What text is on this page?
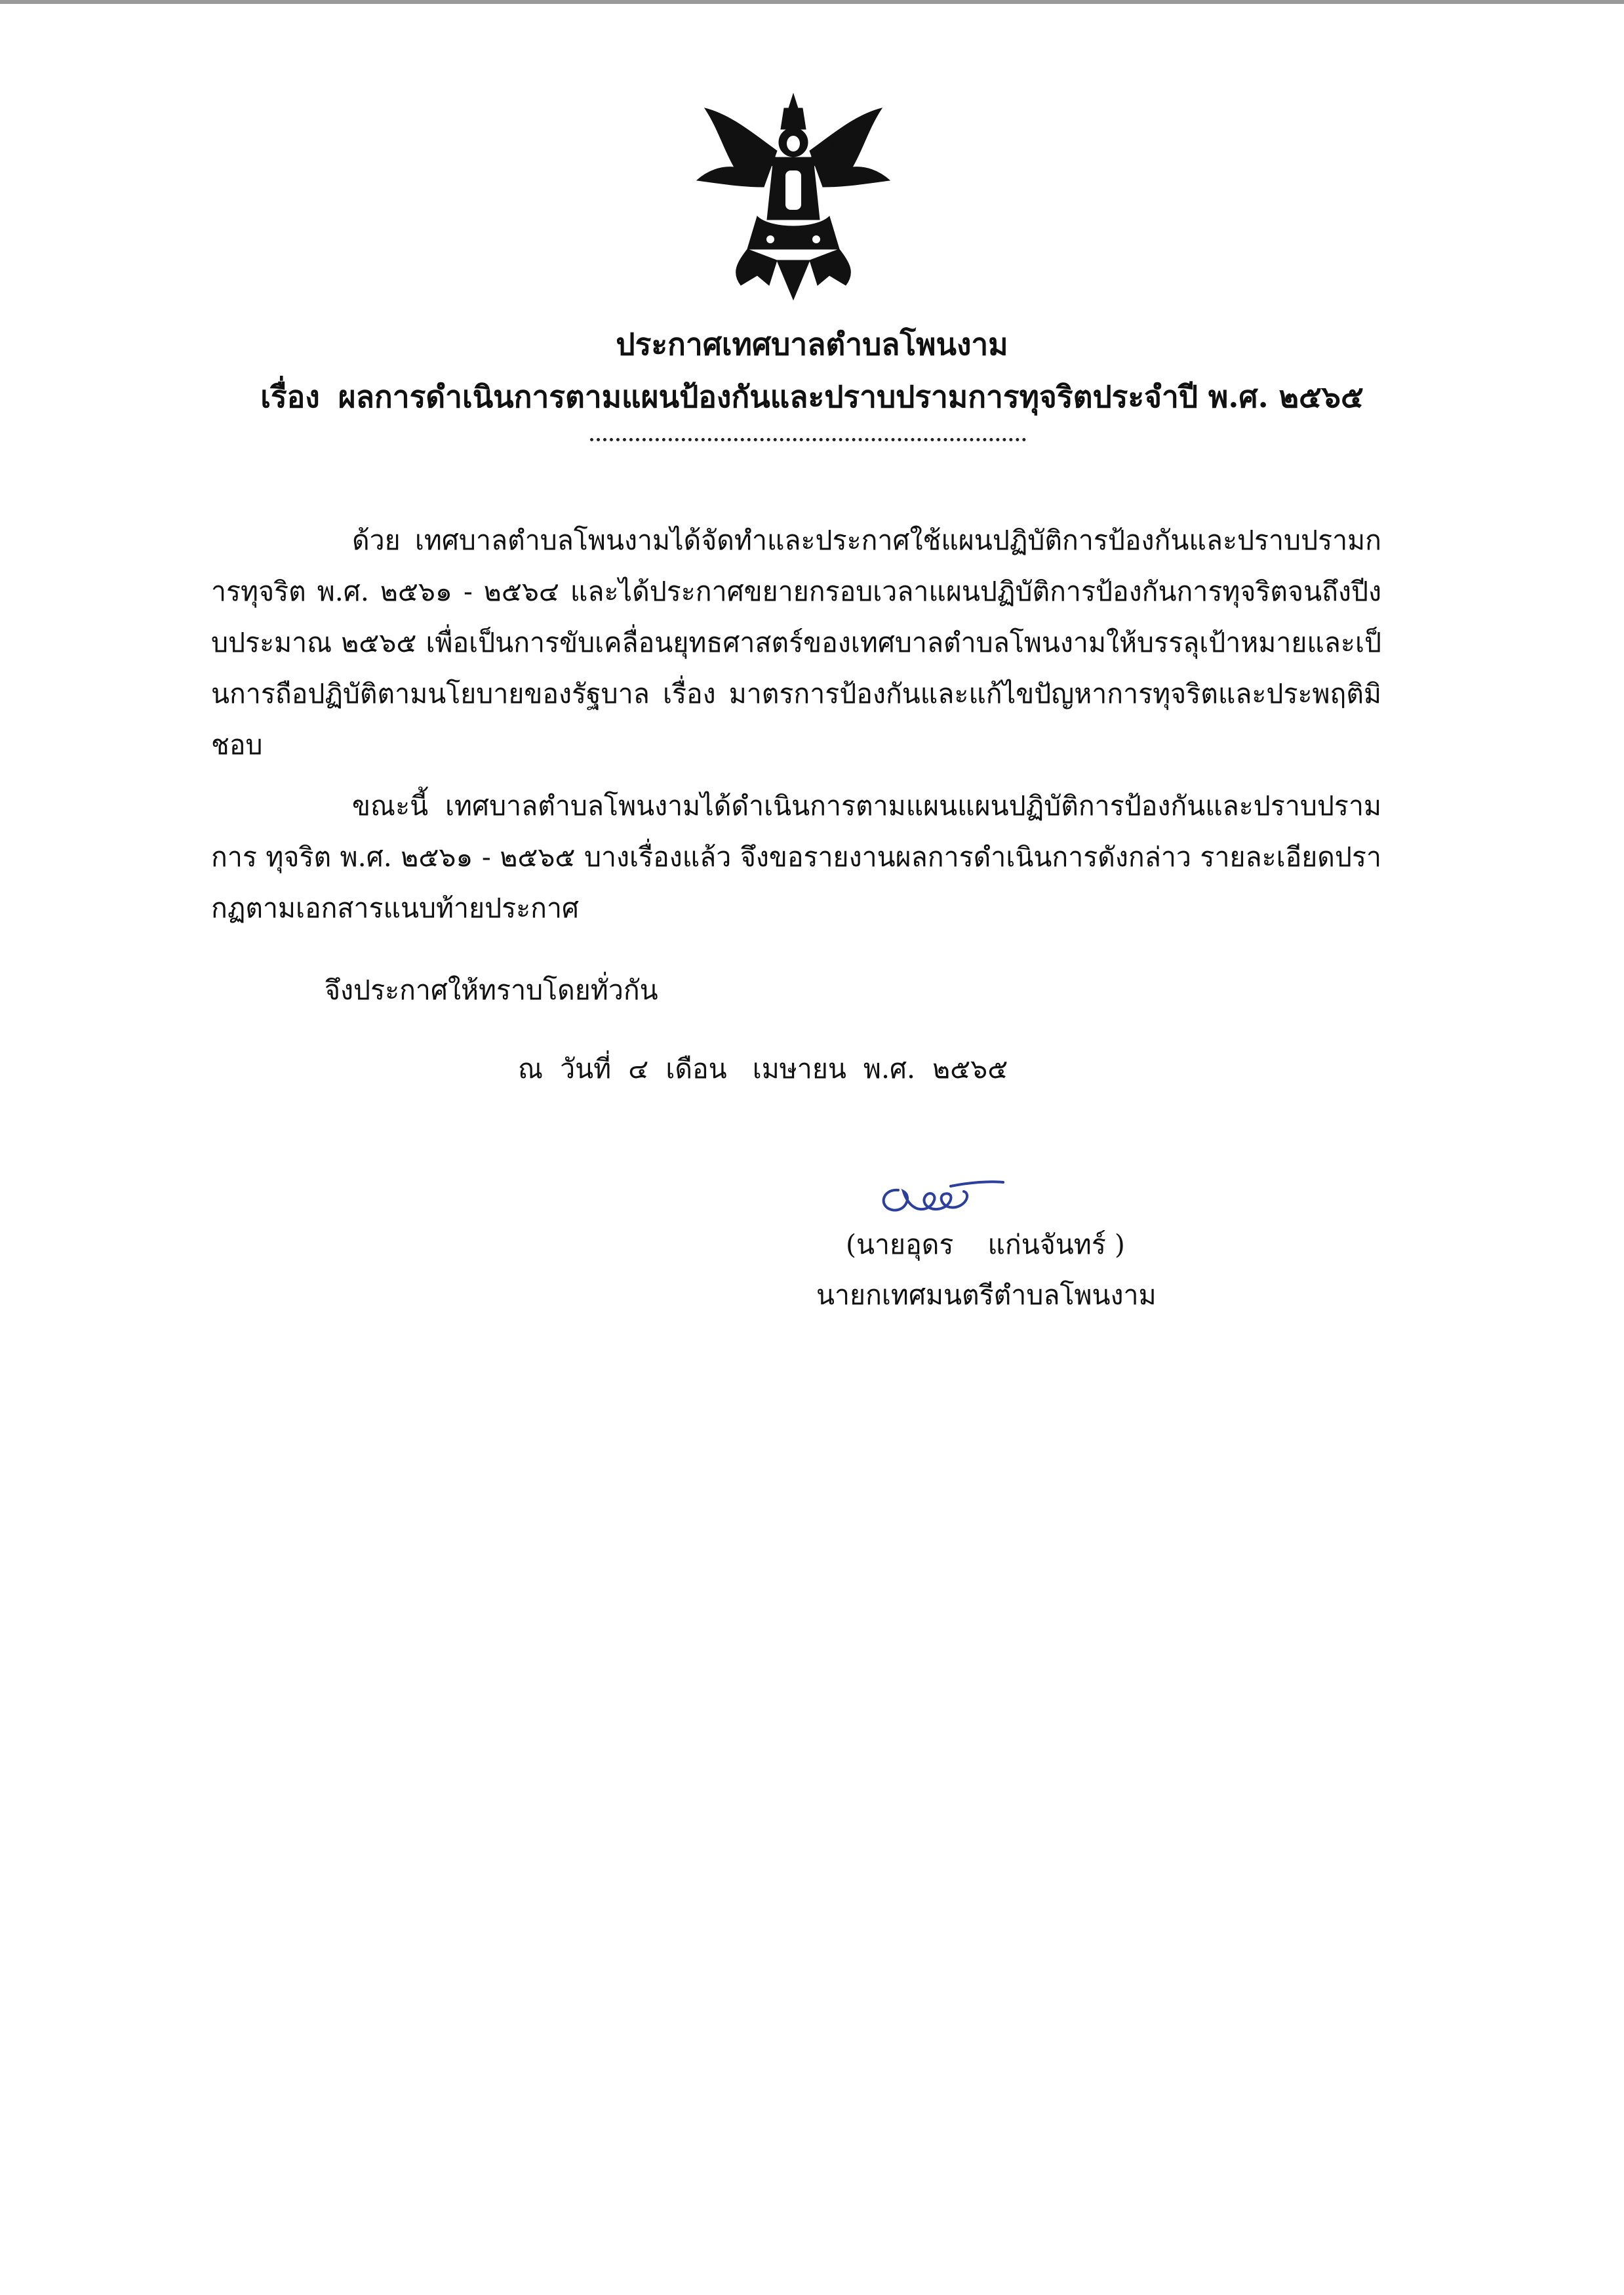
ประกาศเทศบาลตำบลโพนงาม
เรื่อง ผลการดำเนินการตามแผนป้องกันและปราบปรามการทุจริตประจำปี พ.ศ. ๒๕๖๕
ด้วย เทศบาลตำบลโพนงามได้จัดทำและประกาศใช้แผนปฏิบัติการป้องกันและปราบปรามการทุจริต พ.ศ. ๒๕๖๑ - ๒๕๖๔ และได้ประกาศขยายกรอบเวลาแผนปฏิบัติการป้องกันการทุจริตจนถึงปีงบประมาณ ๒๕๖๕ เพื่อเป็นการขับเคลื่อนยุทธศาสตร์ของเทศบาลตำบลโพนงามให้บรรลุเป้าหมายและเป็นการถือปฏิบัติตามนโยบายของรัฐบาล เรื่อง มาตรการป้องกันและแก้ไขปัญหาการทุจริตและประพฤติมิชอบ
ขณะนี้ เทศบาลตำบลโพนงามได้ดำเนินการตามแผนแผนปฏิบัติการป้องกันและปราบปรามการ ทุจริต พ.ศ. ๒๕๖๑ - ๒๕๖๕ บางเรื่องแล้ว จึงขอรายงานผลการดำเนินการดังกล่าว รายละเอียดปรากฏตามเอกสารแนบท้ายประกาศ
จึงประกาศให้ทราบโดยทั่วกัน
ณ  วันที่  ๔  เดือน   เมษายน  พ.ศ.  ๒๕๖๕
(นายอุดร    แก่นจันทร์ )
นายกเทศมนตรีตำบลโพนงาม
